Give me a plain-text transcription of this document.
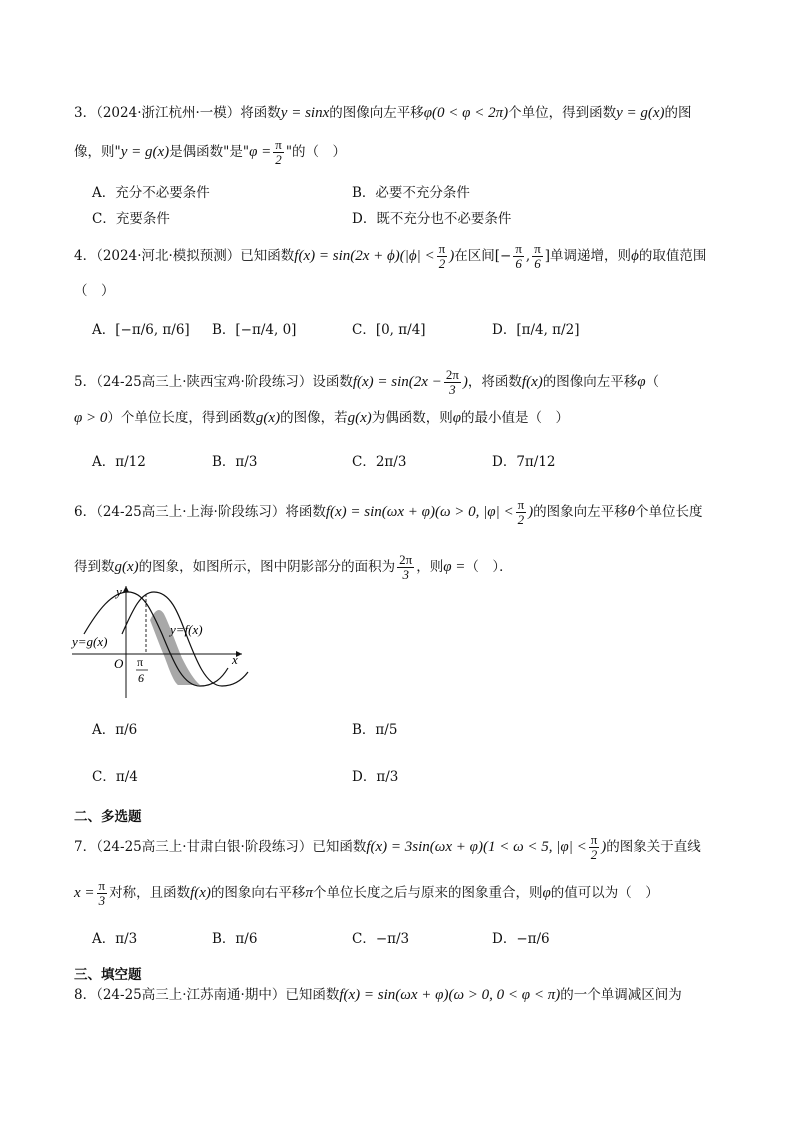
3．（2024·浙江杭州·一模）将函数y = sinx的图像向左平移φ(0 < φ < 2π)个单位，得到函数y = g(x)的图
像，则"y = g(x)是偶函数"是"$\varphi = \frac{\pi}{2}$ "的（　）
A．充分不必要条件	B．必要不充分条件
C．充要条件	D．既不充分也不必要条件
4．（2024·河北·模拟预测）已知函数$f(x) = \sin(2x + \phi)(|\phi| < \frac{\pi}{2}$ )在区间[− $\frac{\pi}{6}$ , $\frac{\pi}{6}$ ]单调递增，则ϕ的取值范围
（　）
A．[−π/6, π/6] B．[−π/4, 0]	C．[0, π/4]	D．[π/4, π/2]
5．（24-25高三上·陕西宝鸡·阶段练习）设函数$f(x) = \sin(2x - \frac{2\pi}{3}$ )，将函数f(x)的图像向左平移φ（
φ > 0）个单位长度，得到函数g(x)的图像，若g(x)为偶函数，则φ的最小值是（　）
A．π/12	B．π/3	C．2π/3	D．7π/12
6．（24-25高三上·上海·阶段练习）将函数f(x) = sin(ωx + φ)(ω > 0, $|\varphi| < \frac{\pi}{2}$ )的图象向左平移θ个单位长度
得到数g(x)的图象，如图所示，图中阴影部分的面积为 $\frac{2\pi}{3}$ ，则φ =（　）．
y
x
O
y=g(x)
y=f(x)
π
6
A．π/6	B．π/5
C．π/4	D．π/3
二、多选题
7．（24-25高三上·甘肃白银·阶段练习）已知函数f(x) = 3sin(ωx + φ)(1 < ω < 5, $|\varphi| < \frac{\pi}{2}$ )的图象关于直线
$x = \frac{\pi}{3}$ 对称，且函数f(x)的图象向右平移π个单位长度之后与原来的图象重合，则φ的值可以为（　）
A．π/3	B．π/6	C．−π/3	D．−π/6
三、填空题
8．（24-25高三上·江苏南通·期中）已知函数f(x) = sin(ωx + φ)(ω > 0, 0 < φ < π)的一个单调减区间为
